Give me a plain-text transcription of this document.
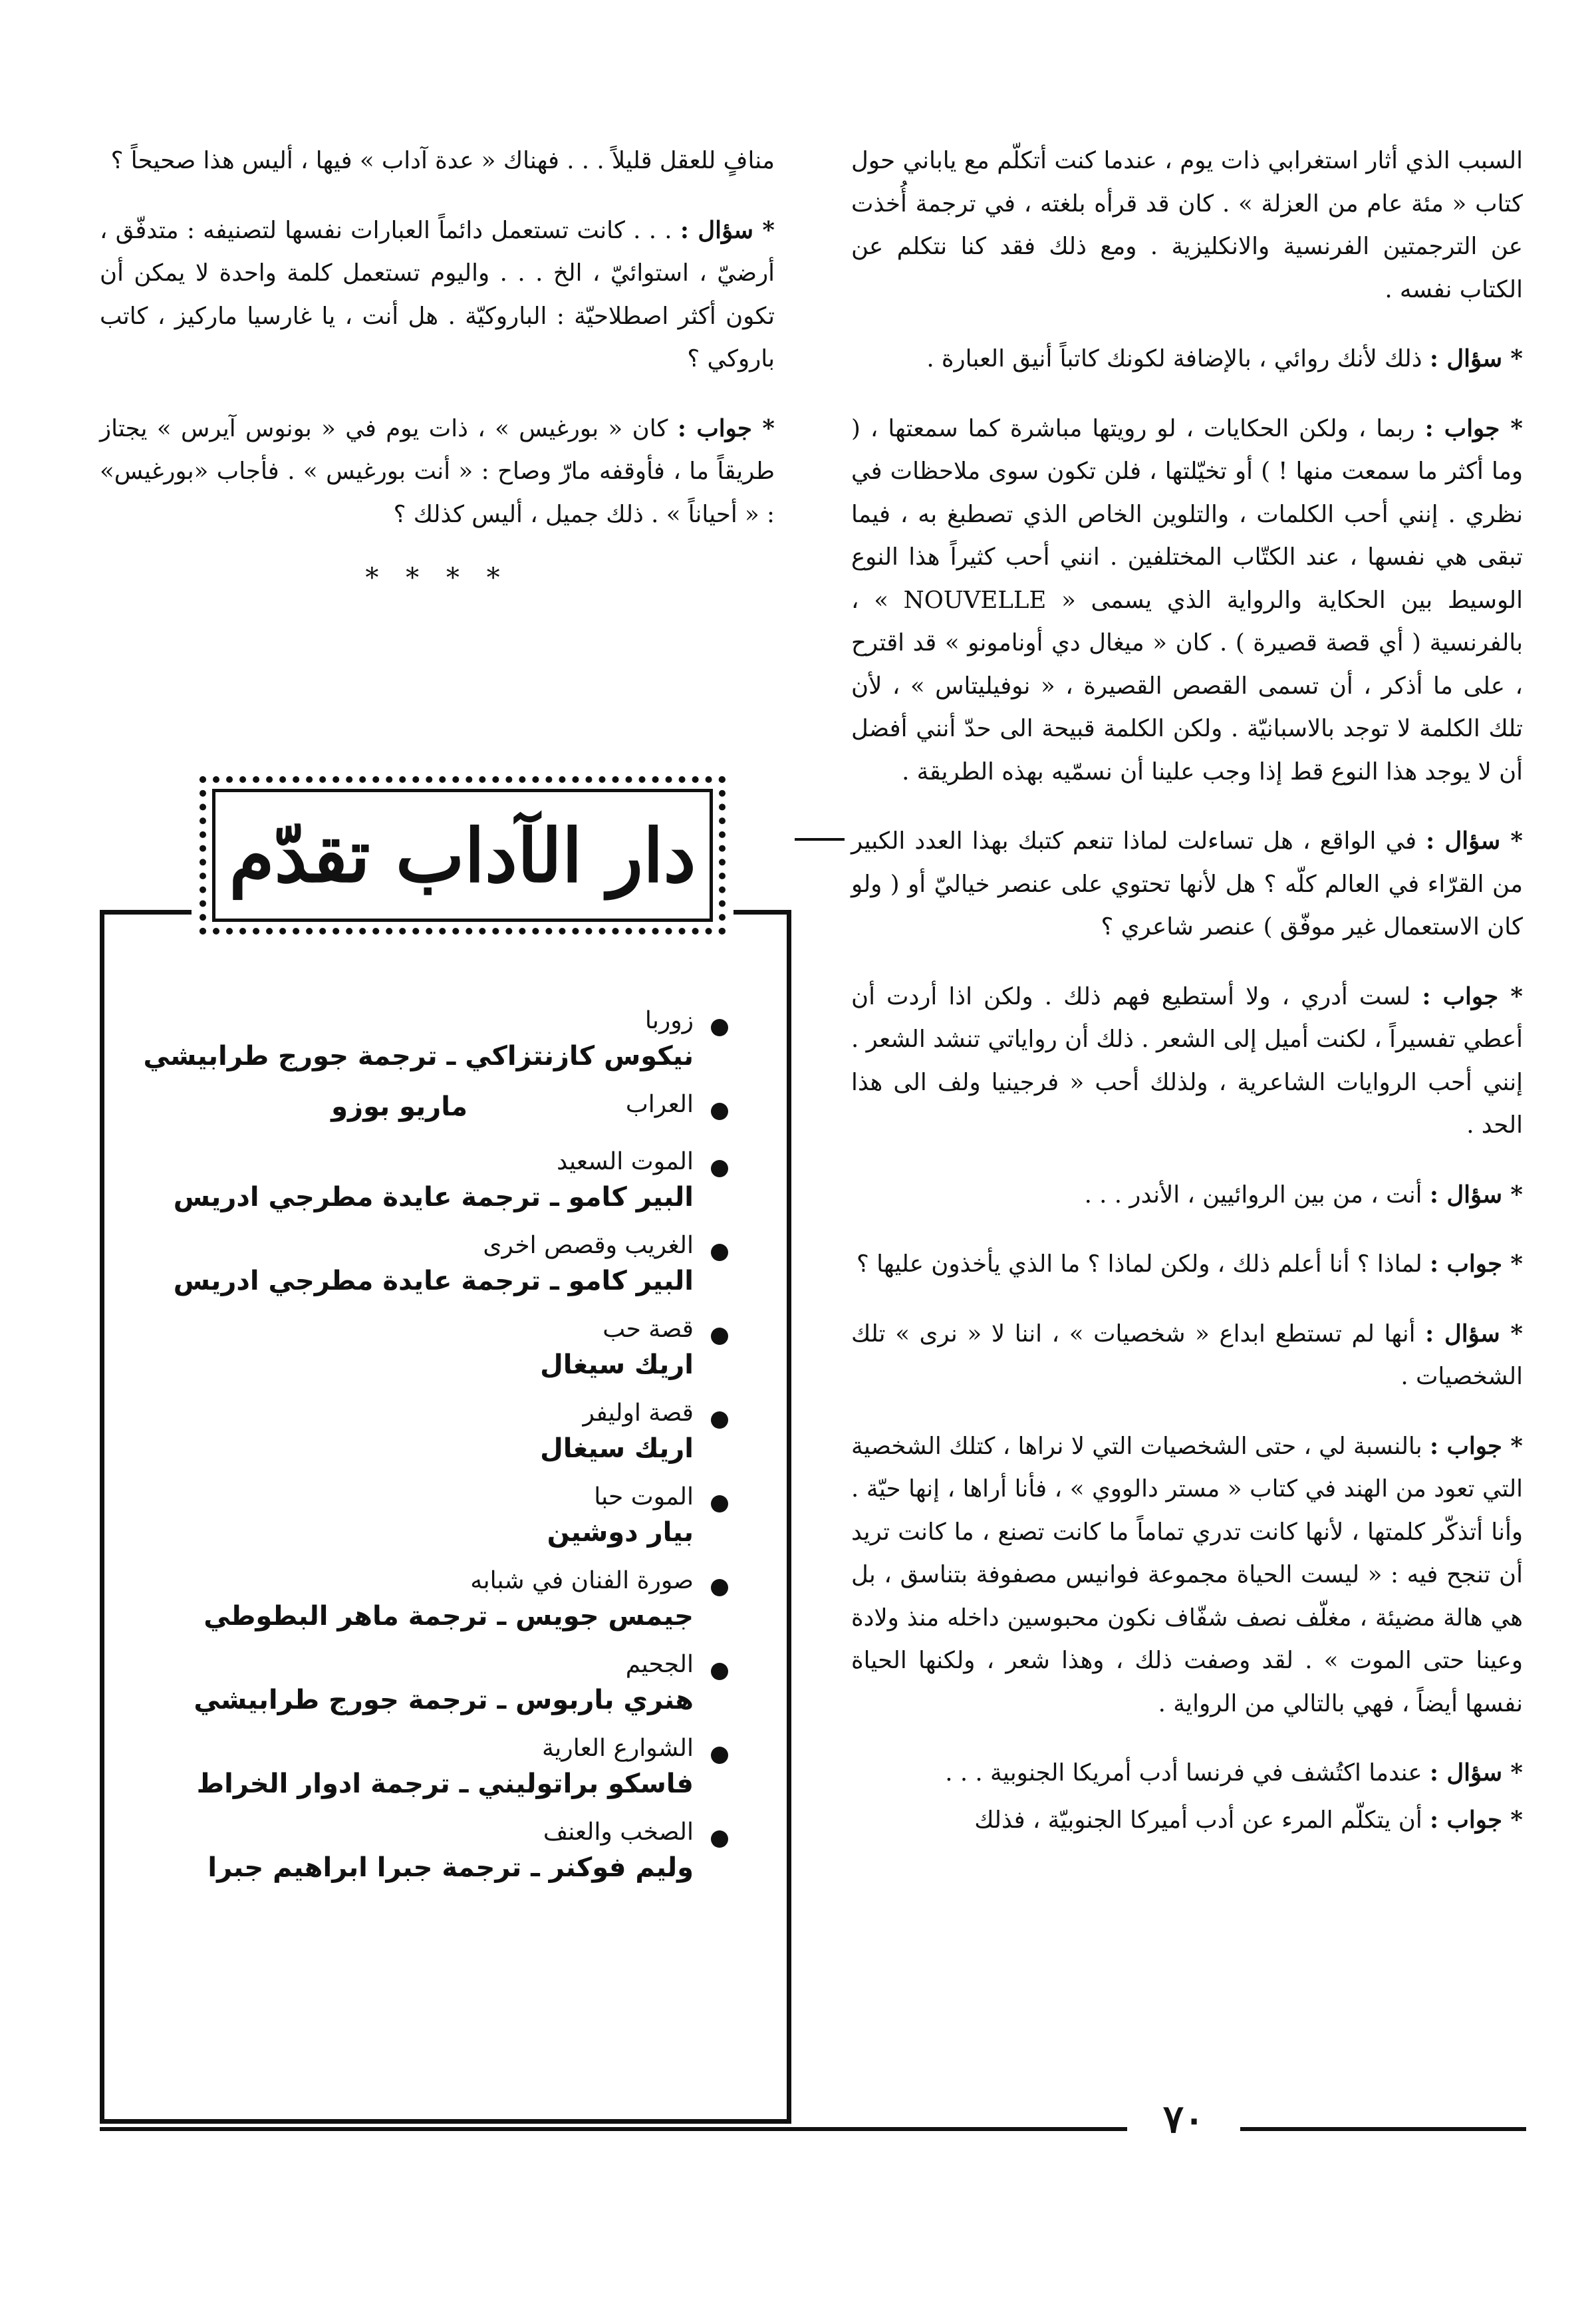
السبب الذي أثار استغرابي ذات يوم ، عندما كنت أتكلّم مع ياباني حول كتاب « مئة عام من العزلة » . كان قد قرأه بلغته ، في ترجمة أُخذت عن الترجمتين الفرنسية والانكليزية . ومع ذلك فقد كنا نتكلم عن الكتاب نفسه .

* سؤال : ذلك لأنك روائي ، بالإضافة لكونك كاتباً أنيق العبارة .

* جواب : ربما ، ولكن الحكايات ، لو رويتها مباشرة كما سمعتها ، ( وما أكثر ما سمعت منها ! ) أو تخيّلتها ، فلن تكون سوى ملاحظات في نظري . إنني أحب الكلمات ، والتلوين الخاص الذي تصطبغ به ، فيما تبقى هي نفسها ، عند الكتّاب المختلفين . انني أحب كثيراً هذا النوع الوسيط بين الحكاية والرواية الذي يسمى « NOUVELLE » ، بالفرنسية ( أي قصة قصيرة ) . كان « ميغال دي أونامونو » قد اقترح ، على ما أذكر ، أن تسمى القصص القصيرة ، « نوفيليتاس » ، لأن تلك الكلمة لا توجد بالاسبانيّة . ولكن الكلمة قبيحة الى حدّ أنني أفضل أن لا يوجد هذا النوع قط إذا وجب علينا أن نسمّيه بهذه الطريقة .

* سؤال : في الواقع ، هل تساءلت لماذا تنعم كتبك بهذا العدد الكبير من القرّاء في العالم كلّه ؟ هل لأنها تحتوي على عنصر خياليّ أو ( ولو كان الاستعمال غير موفّق ) عنصر شاعري ؟

* جواب : لست أدري ، ولا أستطيع فهم ذلك . ولكن اذا أردت أن أعطي تفسيراً ، لكنت أميل إلى الشعر . ذلك أن رواياتي تنشد الشعر . إنني أحب الروايات الشاعرية ، ولذلك أحب « فرجينيا ولف الى هذا الحد .

* سؤال : أنت ، من بين الروائيين ، الأندر . . .

* جواب : لماذا ؟ أنا أعلم ذلك ، ولكن لماذا ؟ ما الذي يأخذون عليها ؟

* سؤال : أنها لم تستطع ابداع « شخصيات » ، اننا لا « نرى » تلك الشخصيات .

* جواب : بالنسبة لي ، حتى الشخصيات التي لا نراها ، كتلك الشخصية التي تعود من الهند في كتاب « مستر دالووي » ، فأنا أراها ، إنها حيّة . وأنا أتذكّر كلمتها ، لأنها كانت تدري تماماً ما كانت تصنع ، ما كانت تريد أن تنجح فيه : « ليست الحياة مجموعة فوانيس مصفوفة بتناسق ، بل هي هالة مضيئة ، مغلّف نصف شفّاف نكون محبوسين داخله منذ ولادة وعينا حتى الموت » . لقد وصفت ذلك ، وهذا شعر ، ولكنها الحياة نفسها أيضاً ، فهي بالتالي من الرواية .

* سؤال : عندما اكتُشف في فرنسا أدب أمريكا الجنوبية . . .

* جواب : أن يتكلّم المرء عن أدب أميركا الجنوبيّة ، فذلك

منافٍ للعقل قليلاً . . . فهناك « عدة آداب » فيها ، أليس هذا صحيحاً ؟

* سؤال : . . . كانت تستعمل دائماً العبارات نفسها لتصنيفه : متدفّق ، أرضيّ ، استوائيّ ، الخ . . . واليوم تستعمل كلمة واحدة لا يمكن أن تكون أكثر اصطلاحيّة : الباروكيّة . هل أنت ، يا غارسيا ماركيز ، كاتب باروكي ؟

* جواب : كان « بورغيس » ، ذات يوم في « بونوس آيرس » يجتاز طريقاً ما ، فأوقفه مارّ وصاح : « أنت بورغيس » . فأجاب «بورغيس» : « أحياناً » . ذلك جميل ، أليس كذلك ؟

* * * *
دار الآداب تقدّم
زوربا
نيكوس كازنتزاكي ـ ترجمة جورج طرابيشي
العراب
ماريو بوزو
الموت السعيد
البير كامو ـ ترجمة عايدة مطرجي ادريس
الغريب وقصص اخرى
البير كامو ـ ترجمة عايدة مطرجي ادريس
قصة حب
اريك سيغال
قصة اوليفر
اريك سيغال
الموت حبا
بيار دوشين
صورة الفنان في شبابه
جيمس جويس ـ ترجمة ماهر البطوطي
الجحيم
هنري باربوس ـ ترجمة جورج طرابيشي
الشوارع العارية
فاسكو براتوليني ـ ترجمة ادوار الخراط
الصخب والعنف
وليم فوكنر ـ ترجمة جبرا ابراهيم جبرا
٧٠
